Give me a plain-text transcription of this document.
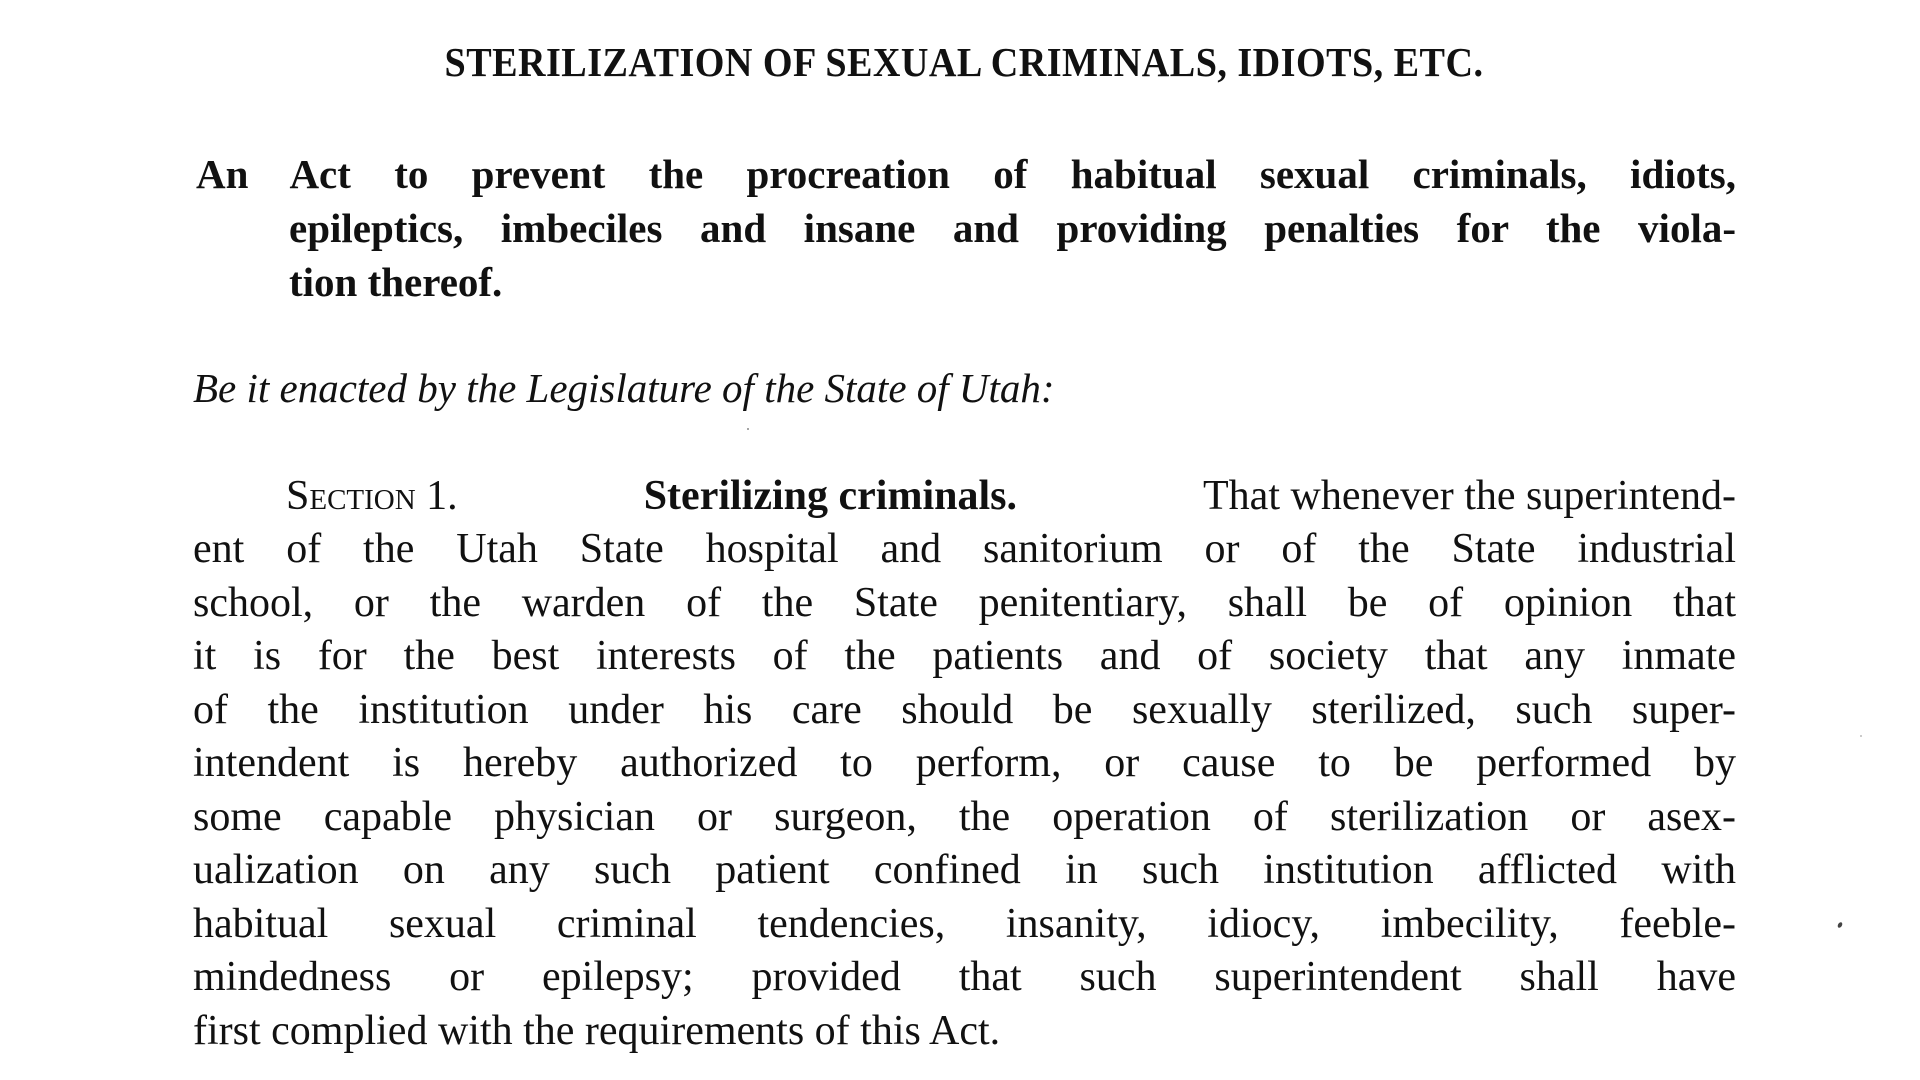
STERILIZATION OF SEXUAL CRIMINALS, IDIOTS, ETC.
An Act to prevent the procreation of habitual sexual criminals, idiots,
epileptics, imbeciles and insane and providing penalties for the viola-
tion thereof.
Be it enacted by the Legislature of the State of Utah:
Section 1.	Sterilizing criminals.	That whenever the superintend-
ent of the Utah State hospital and sanitorium or of the State industrial
school, or the warden of the State penitentiary, shall be of opinion that
it is for the best interests of the patients and of society that any inmate
of the institution under his care should be sexually sterilized, such super-
intendent is hereby authorized to perform, or cause to be performed by
some capable physician or surgeon, the operation of sterilization or asex-
ualization on any such patient confined in such institution afflicted with
habitual sexual criminal tendencies, insanity, idiocy, imbecility, feeble-
mindedness or epilepsy; provided that such superintendent shall have
first complied with the requirements of this Act.
